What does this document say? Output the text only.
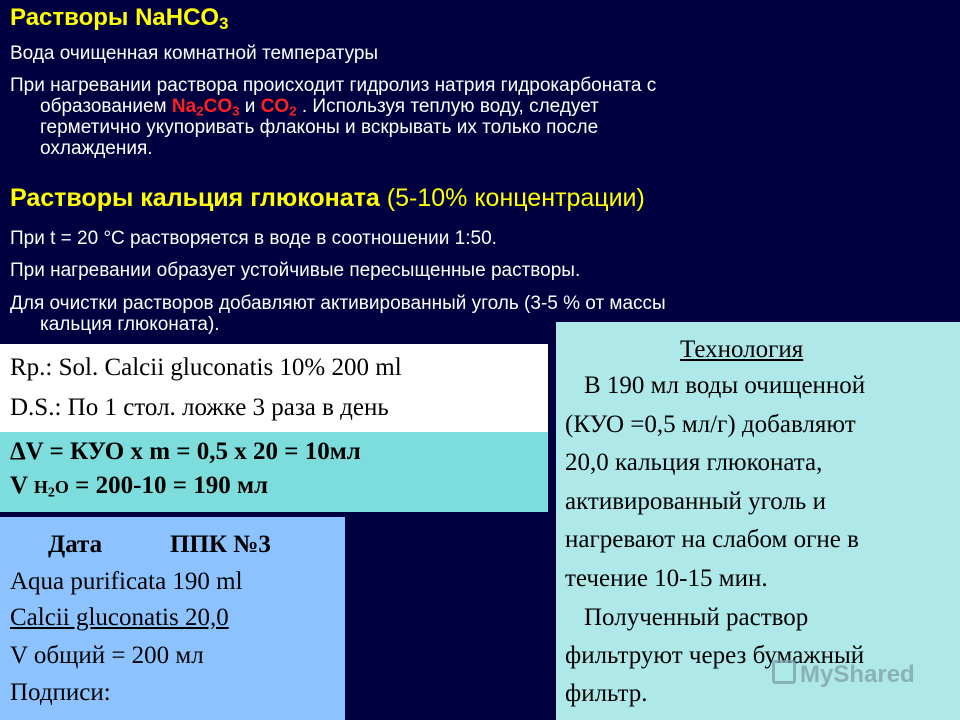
Растворы NaHCO$_3$
Вода очищенная комнатной температуры
При нагревании раствора происходит гидролиз натрия гидрокарбоната с
образованием $Na_2CO_3$ и $CO_2$ . Используя теплую воду, следует
герметично укупоривать флаконы и вскрывать их только после
охлаждения.
Растворы кальция глюконата (5-10% концентрации)
При t = 20 °С растворяется в воде в соотношении 1:50.
При нагревании образует устойчивые пересыщенные растворы.
Для очистки растворов добавляют активированный уголь (3-5 % от массы
кальция глюконата).
Rp.: Sol. Calcii gluconatis 10% 200 ml
D.S.: По 1 стол. ложке 3 раза в день
ΔV = КУО х m = 0,5 х 20 = 10мл
V $H_2O = 200-10 = 190$ мл
Дата	ППК №3
Aqua purificata 190 ml
Calcii gluconatis 20,0
V общий = 200 мл
Подписи:
Технология
В 190 мл воды очищенной
(КУО =0,5 мл/г) добавляют
20,0 кальция глюконата,
активированный уголь и
нагревают на слабом огне в
течение 10-15 мин.
Полученный раствор
фильтруют через бумажный
фильтр.
MyShared
